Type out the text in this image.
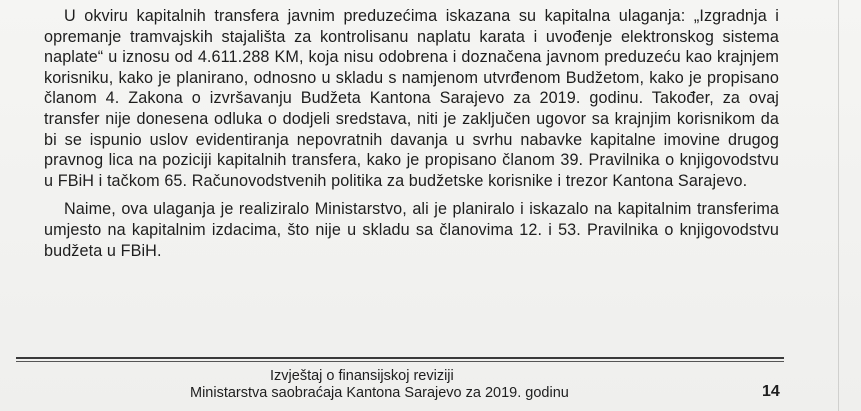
U okviru kapitalnih transfera javnim preduzećima iskazana su kapitalna ulaganja: „Izgradnja i opremanje tramvajskih stajališta za kontrolisanu naplatu karata i uvođenje elektronskog sistema naplate“ u iznosu od 4.611.288 KM, koja nisu odobrena i doznačena javnom preduzeću kao krajnjem korisniku, kako je planirano, odnosno u skladu s namjenom utvrđenom Budžetom, kako je propisano članom 4. Zakona o izvršavanju Budžeta Kantona Sarajevo za 2019. godinu. Također, za ovaj transfer nije donesena odluka o dodjeli sredstava, niti je zaključen ugovor sa krajnjim korisnikom da bi se ispunio uslov evidentiranja nepovratnih davanja u svrhu nabavke kapitalne imovine drugog pravnog lica na poziciji kapitalnih transfera, kako je propisano članom 39. Pravilnika o knjigovodstvu u FBiH i tačkom 65. Računovodstvenih politika za budžetske korisnike i trezor Kantona Sarajevo.

Naime, ova ulaganja je realiziralo Ministarstvo, ali je planiralo i iskazalo na kapitalnim transferima umjesto na kapitalnim izdacima, što nije u skladu sa članovima 12. i 53. Pravilnika o knjigovodstvu budžeta u FBiH.

Izvještaj o finansijskoj reviziji
Ministarstva saobraćaja Kantona Sarajevo za 2019. godinu	14
